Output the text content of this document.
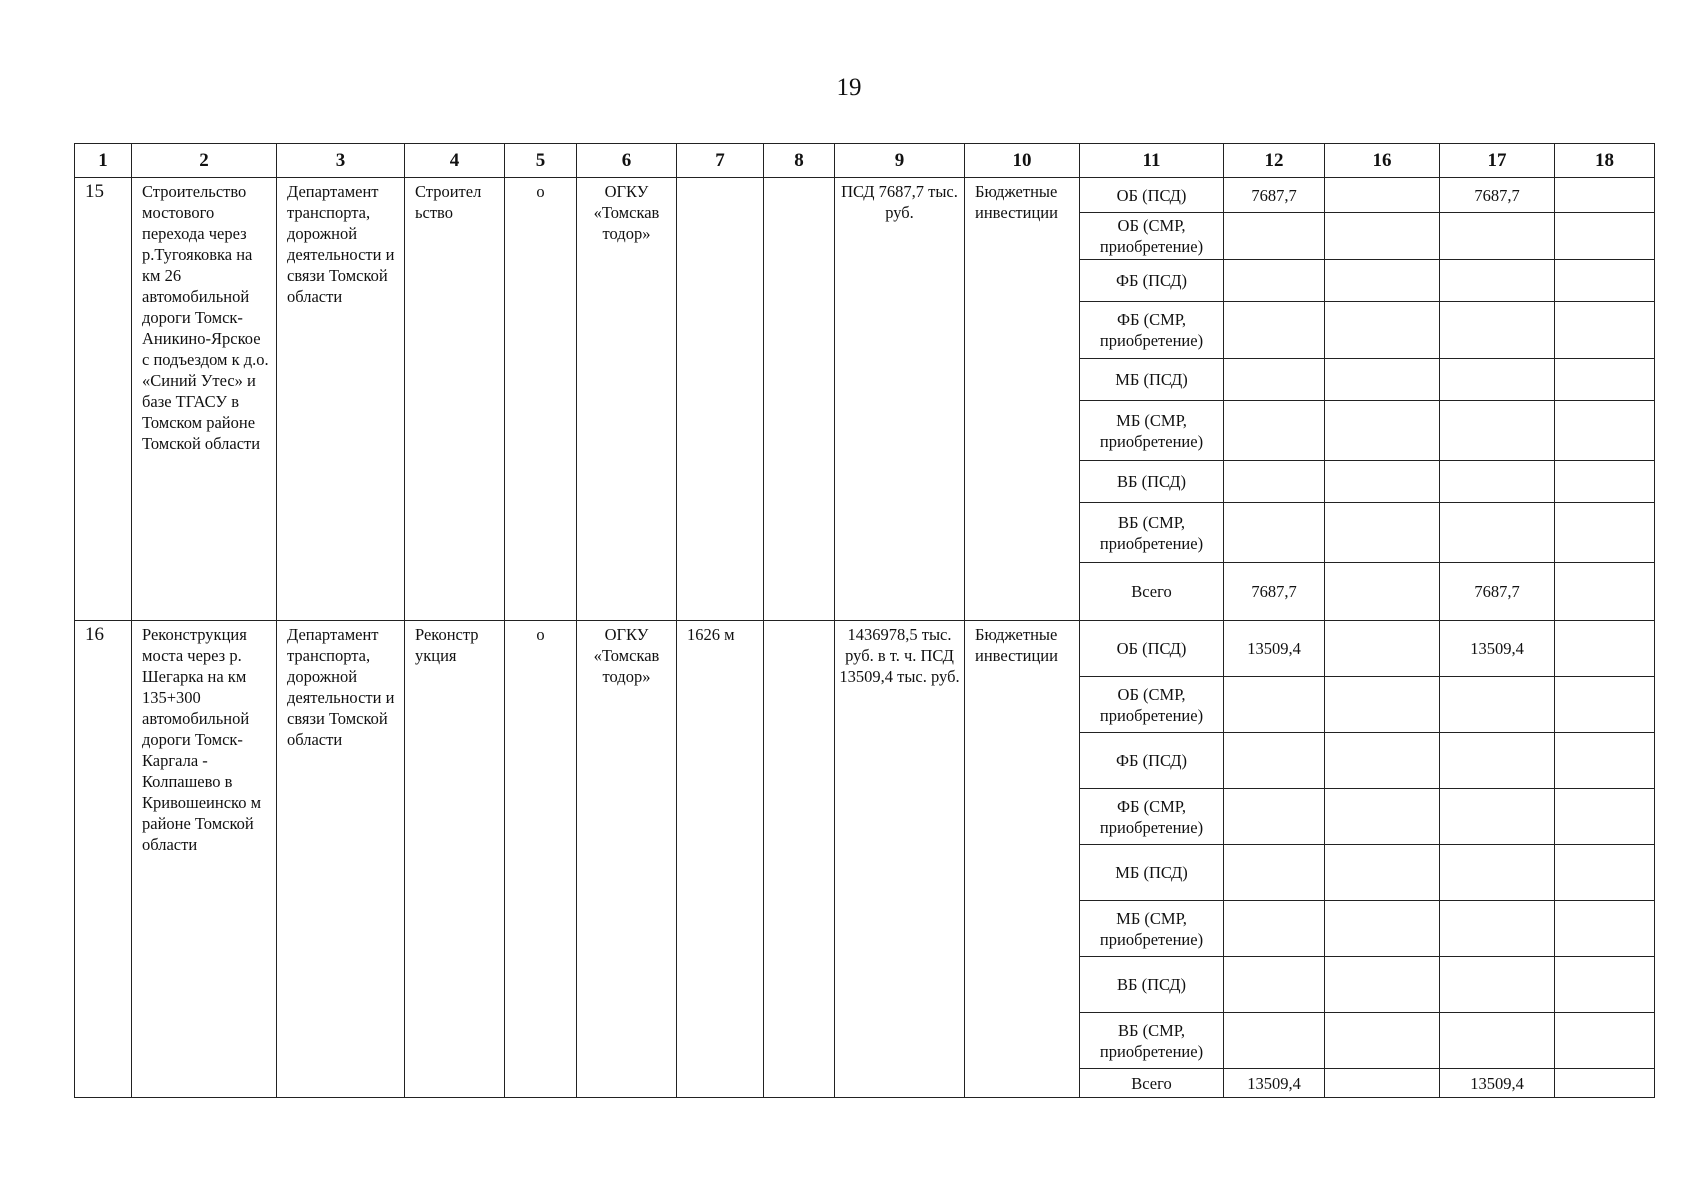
19
1	2	3	4	5	6	7	8	9	10	11	12	16	17	18
15	Строительство мостового перехода через р.Тугояковка на км 26 автомобильной дороги Томск-Аникино-Ярское с подъездом к д.о. «Синий Утес» и базе ТГАСУ в Томском районе Томской области	Департамент транспорта, дорожной деятельности и связи Томской области	Строител ьство	о	ОГКУ «Томскав тодор»			ПСД 7687,7 тыс. руб.	Бюджетные инвестиции	ОБ (ПСД)	7687,7		7687,7	
										ОБ (СМР, приобретение)				
										ФБ (ПСД)				
										ФБ (СМР, приобретение)				
										МБ (ПСД)				
										МБ (СМР, приобретение)				
										ВБ (ПСД)				
										ВБ (СМР, приобретение)				
										Всего	7687,7		7687,7	
16	Реконструкция моста через р. Шегарка на км 135+300 автомобильной дороги Томск-Каргала - Колпашево в Кривошеинско м районе Томской области	Департамент транспорта, дорожной деятельности и связи Томской области	Реконстр укция	о	ОГКУ «Томскав тодор»	1626 м		1436978,5 тыс. руб. в т. ч. ПСД 13509,4 тыс. руб.	Бюджетные инвестиции	ОБ (ПСД)	13509,4		13509,4	
										ОБ (СМР, приобретение)				
										ФБ (ПСД)				
										ФБ (СМР, приобретение)				
										МБ (ПСД)				
										МБ (СМР, приобретение)				
										ВБ (ПСД)				
										ВБ (СМР, приобретение)				
										Всего	13509,4		13509,4	
